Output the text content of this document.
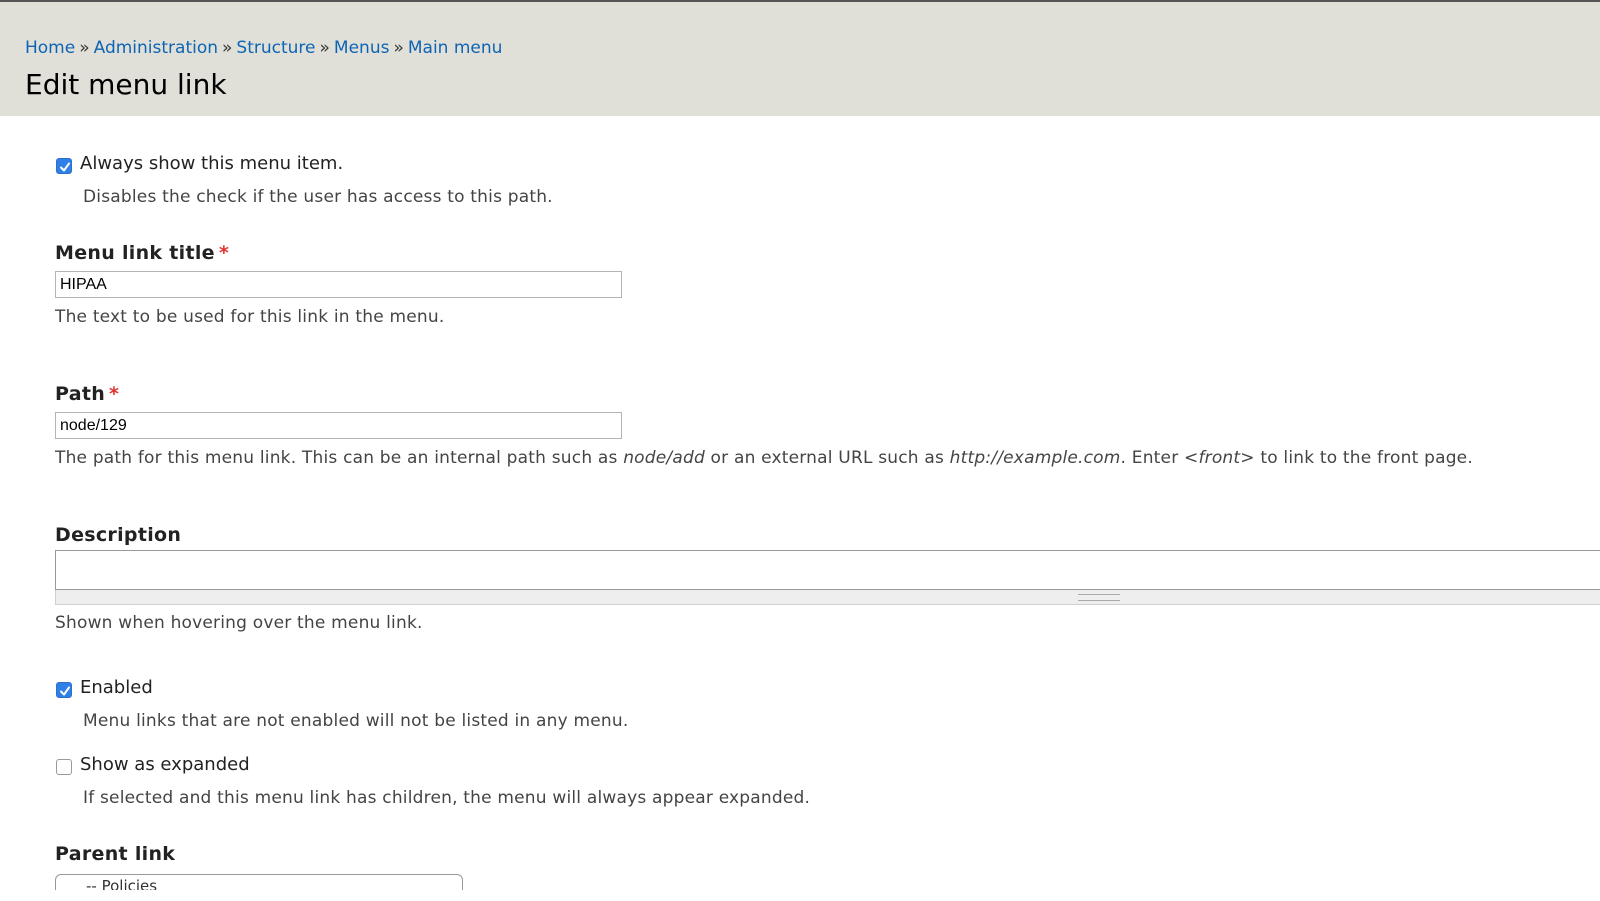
Home » Administration » Structure » Menus » Main menu
Edit menu link
Always show this menu item.
Disables the check if the user has access to this path.
Menu link title *
HIPAA
The text to be used for this link in the menu.
Path *
node/129
The path for this menu link. This can be an internal path such as node/add or an external URL such as http://example.com. Enter <front> to link to the front page.
Description
Shown when hovering over the menu link.
Enabled
Menu links that are not enabled will not be listed in any menu.
Show as expanded
If selected and this menu link has children, the menu will always appear expanded.
Parent link
-- Policies
